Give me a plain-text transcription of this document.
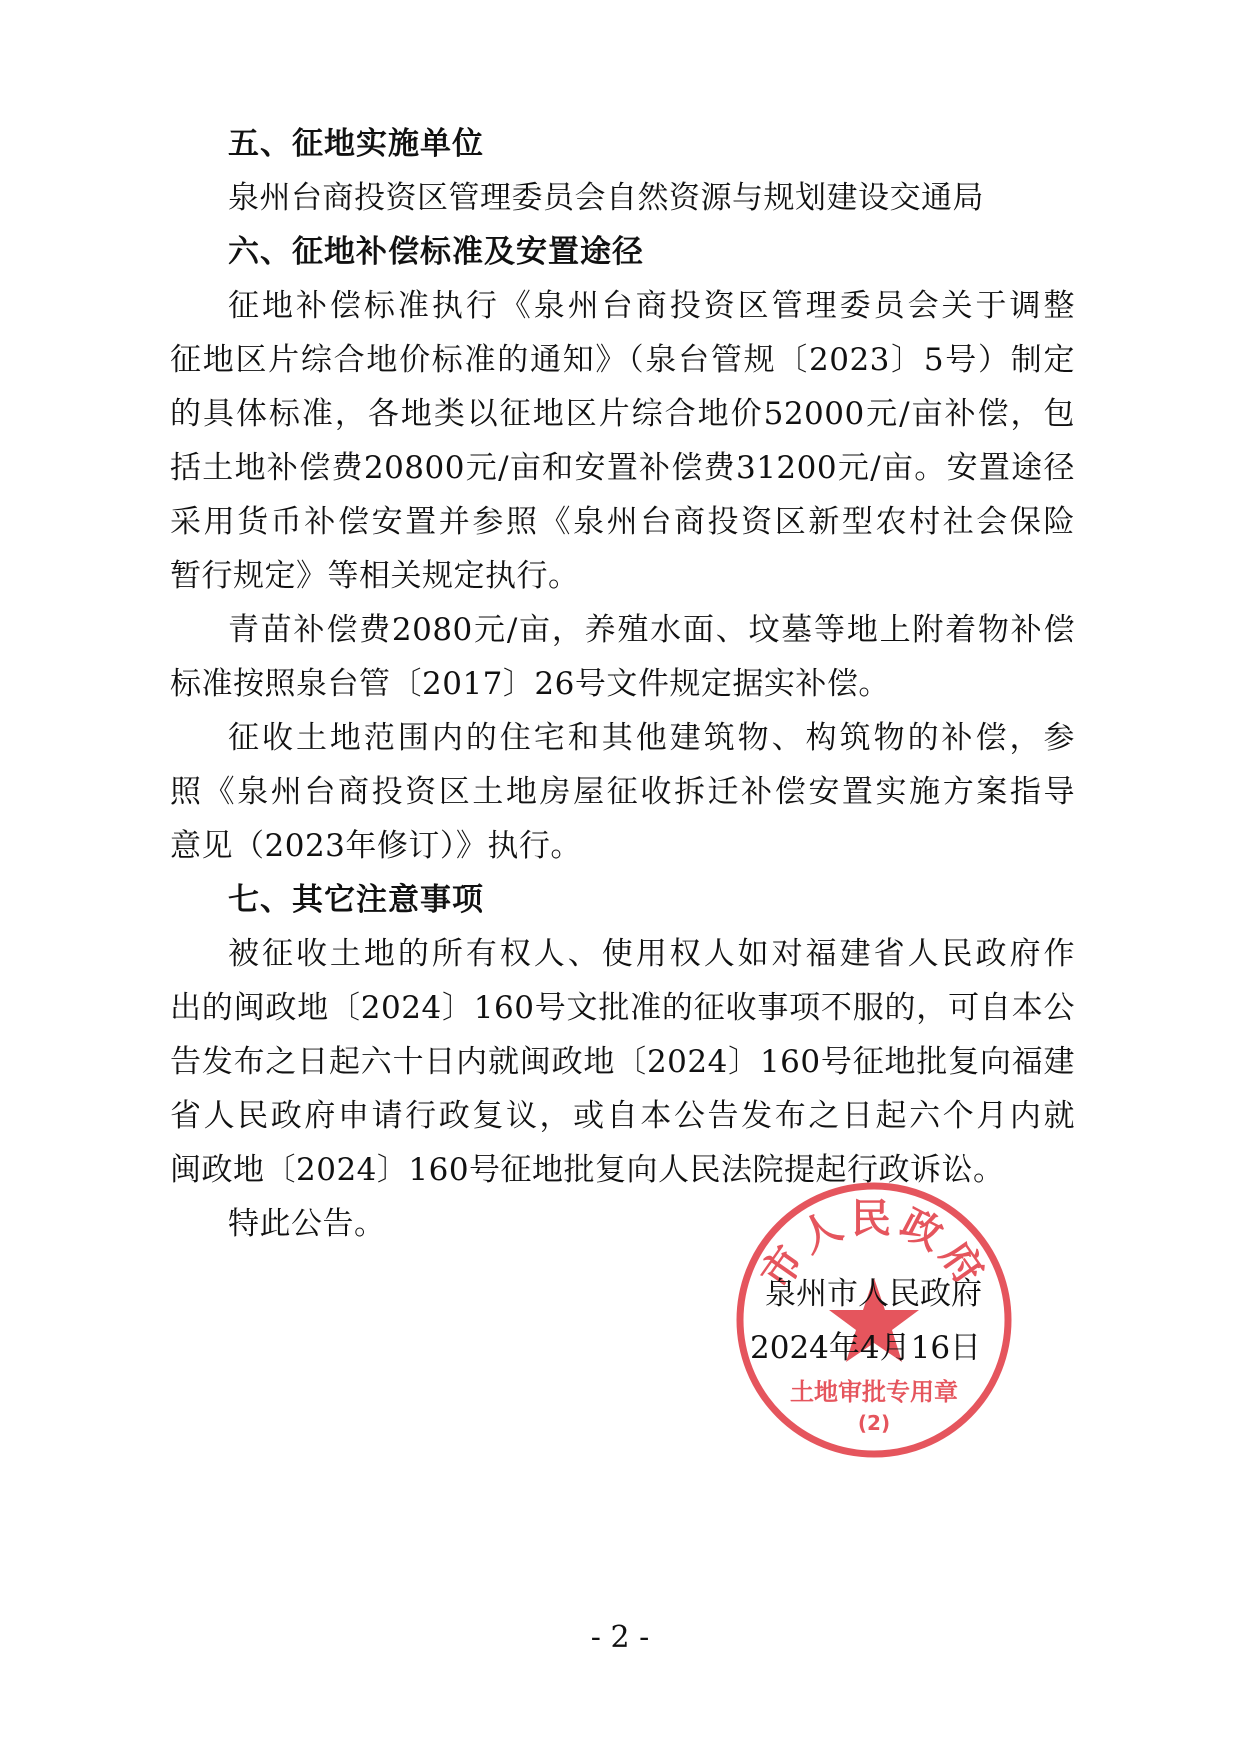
五、征地实施单位
泉州台商投资区管理委员会自然资源与规划建设交通局
六、征地补偿标准及安置途径
征地补偿标准执行《泉州台商投资区管理委员会关于调整
征地区片综合地价标准的通知》（泉台管规〔2023〕5号）制定
的具体标准，各地类以征地区片综合地价52000元/亩补偿，包
括土地补偿费20800元/亩和安置补偿费31200元/亩。安置途径
采用货币补偿安置并参照《泉州台商投资区新型农村社会保险
暂行规定》等相关规定执行。
青苗补偿费2080元/亩，养殖水面、坟墓等地上附着物补偿
标准按照泉台管〔2017〕26号文件规定据实补偿。
征收土地范围内的住宅和其他建筑物、构筑物的补偿，参
照《泉州台商投资区土地房屋征收拆迁补偿安置实施方案指导
意见（2023年修订）》执行。
七、其它注意事项
被征收土地的所有权人、使用权人如对福建省人民政府作
出的闽政地〔2024〕160号文批准的征收事项不服的，可自本公
告发布之日起六十日内就闽政地〔2024〕160号征地批复向福建
省人民政府申请行政复议，或自本公告发布之日起六个月内就
闽政地〔2024〕160号征地批复向人民法院提起行政诉讼。
特此公告。
市人民政府
土地审批专用章
(2)
泉州市人民政府
2024年4月16日
- 2 -
